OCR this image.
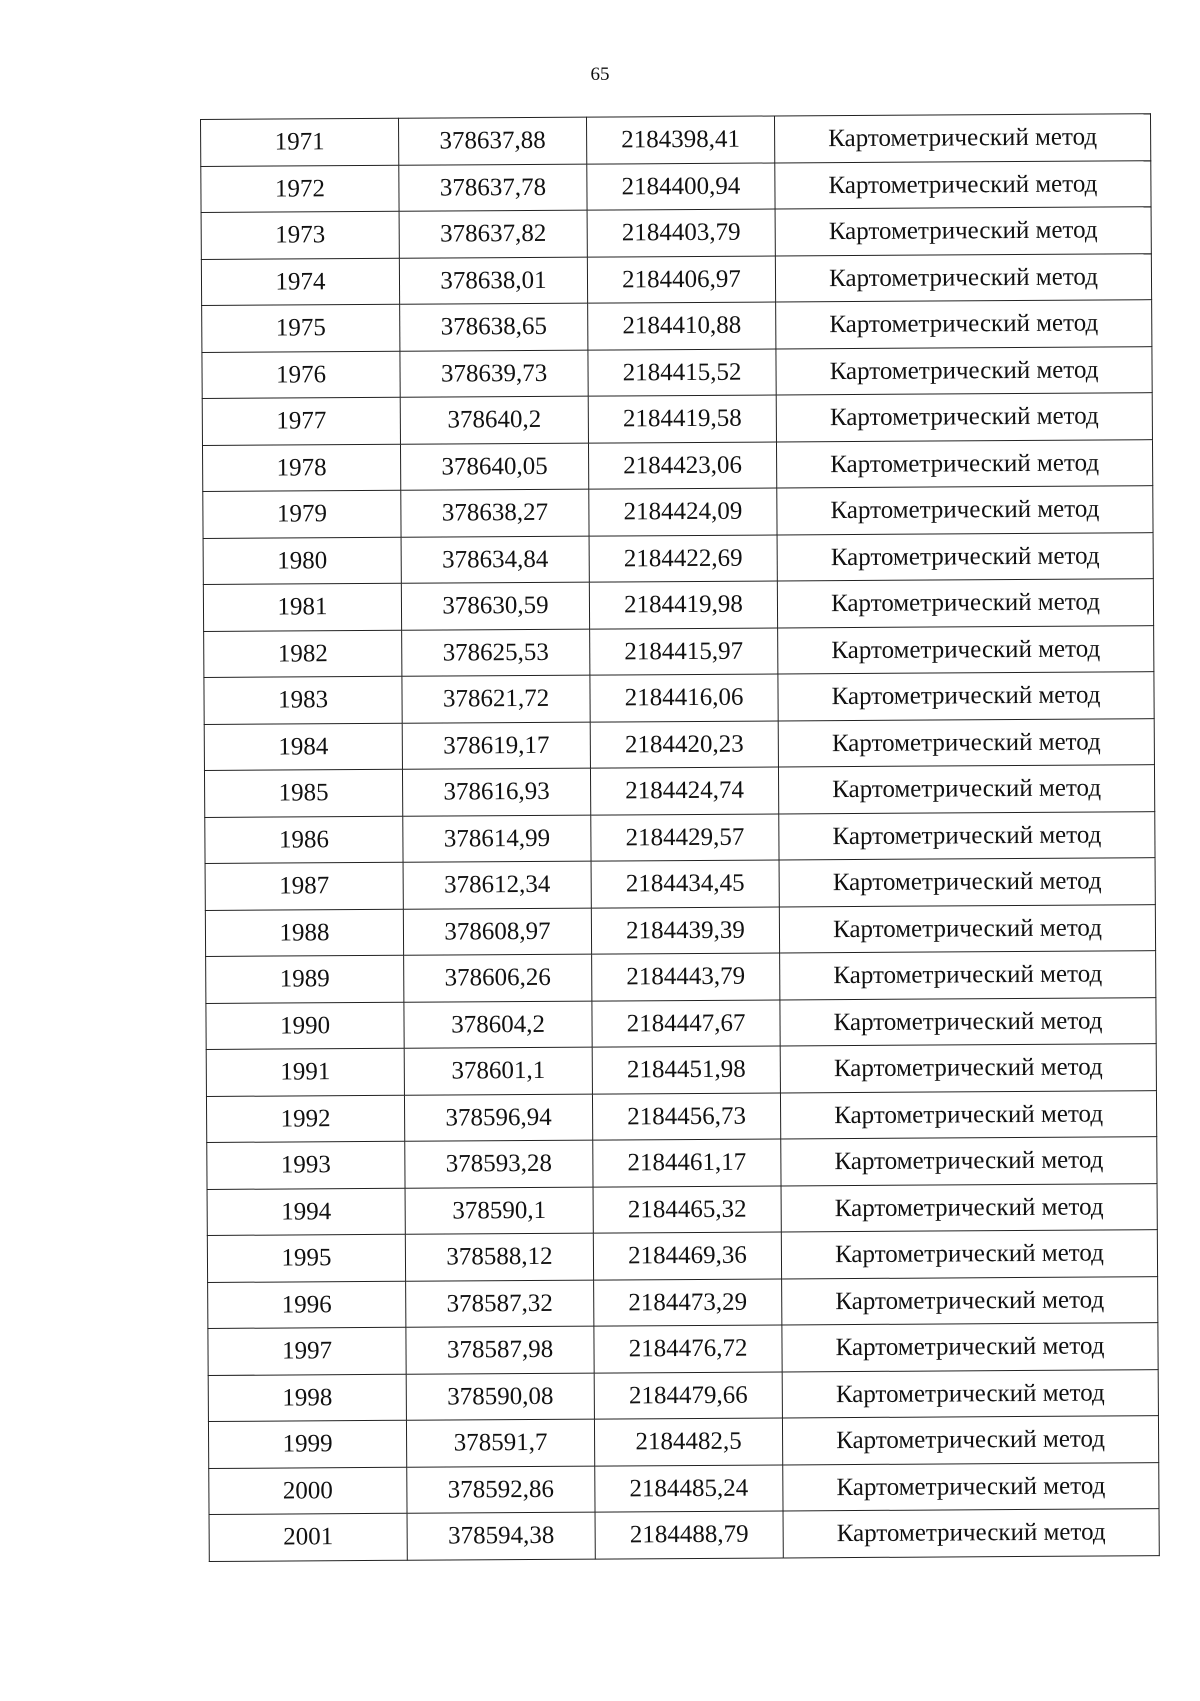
65
1971	378637,88	2184398,41	Картометрический метод
1972	378637,78	2184400,94	Картометрический метод
1973	378637,82	2184403,79	Картометрический метод
1974	378638,01	2184406,97	Картометрический метод
1975	378638,65	2184410,88	Картометрический метод
1976	378639,73	2184415,52	Картометрический метод
1977	378640,2	2184419,58	Картометрический метод
1978	378640,05	2184423,06	Картометрический метод
1979	378638,27	2184424,09	Картометрический метод
1980	378634,84	2184422,69	Картометрический метод
1981	378630,59	2184419,98	Картометрический метод
1982	378625,53	2184415,97	Картометрический метод
1983	378621,72	2184416,06	Картометрический метод
1984	378619,17	2184420,23	Картометрический метод
1985	378616,93	2184424,74	Картометрический метод
1986	378614,99	2184429,57	Картометрический метод
1987	378612,34	2184434,45	Картометрический метод
1988	378608,97	2184439,39	Картометрический метод
1989	378606,26	2184443,79	Картометрический метод
1990	378604,2	2184447,67	Картометрический метод
1991	378601,1	2184451,98	Картометрический метод
1992	378596,94	2184456,73	Картометрический метод
1993	378593,28	2184461,17	Картометрический метод
1994	378590,1	2184465,32	Картометрический метод
1995	378588,12	2184469,36	Картометрический метод
1996	378587,32	2184473,29	Картометрический метод
1997	378587,98	2184476,72	Картометрический метод
1998	378590,08	2184479,66	Картометрический метод
1999	378591,7	2184482,5	Картометрический метод
2000	378592,86	2184485,24	Картометрический метод
2001	378594,38	2184488,79	Картометрический метод
